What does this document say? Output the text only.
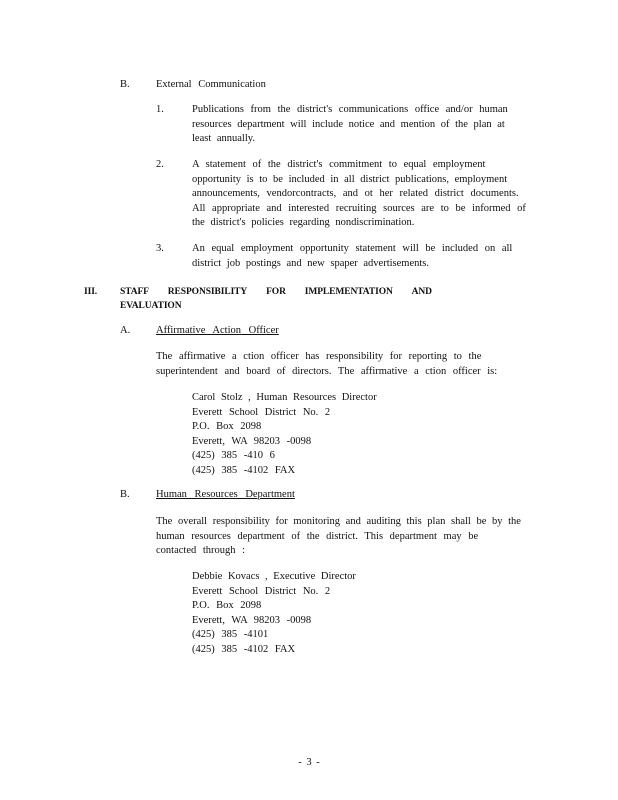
B.	External Communication
1.	Publications from the district's communications office and/or human
resources department will include notice and mention of the plan at
least annually.
2.	A statement of the district's commitment to equal employment
opportunity is to be included in all district publications, employment
announcements, vendorcontracts, and ot her related district documents.
All appropriate and interested recruiting sources are to be informed of
the district's policies regarding nondiscrimination.
3.	An equal employment opportunity statement will be included on all
district job postings and new spaper advertisements.
III. STAFF RESPONSIBILITY FOR IMPLEMENTATION AND
EVALUATION
A. Affirmative Action Officer
The affirmative a ction officer has responsibility for reporting to the
superintendent and board of directors. The affirmative a ction officer is:
Carol Stolz , Human Resources Director
Everett School District No. 2
P.O. Box 2098
Everett, WA 98203 -0098
(425) 385 -410 6
(425) 385 -4102 FAX
B.	Human Resources Department
The overall responsibility for monitoring and auditing this plan shall be by the
human resources department of the district. This department may be
contacted through :
Debbie Kovacs , Executive Director
Everett School District No. 2
P.O. Box 2098
Everett, WA 98203 -0098
(425) 385 -4101
(425) 385 -4102 FAX
- 3 -
